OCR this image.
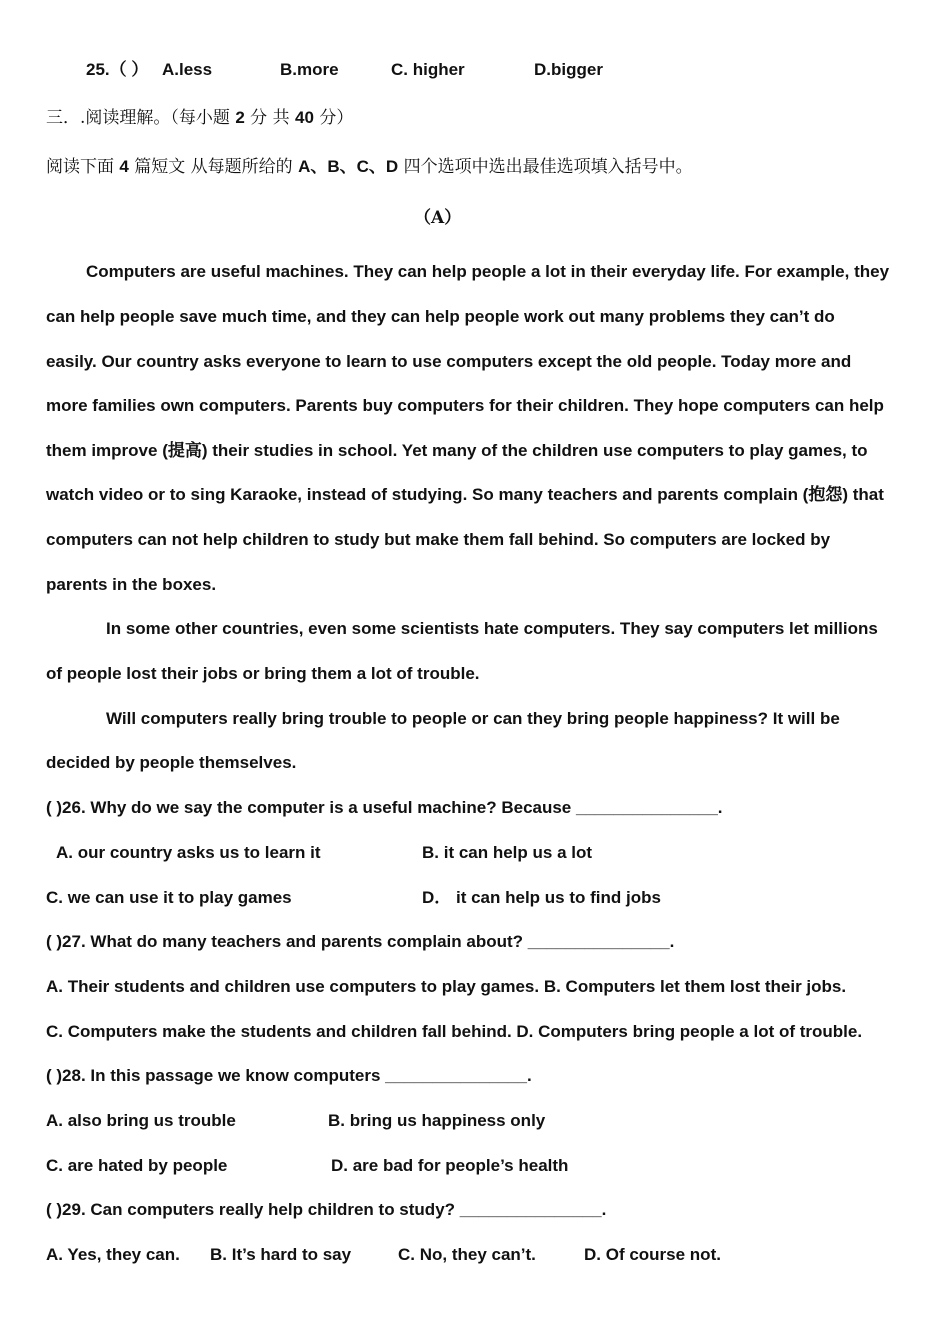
25.（ ） A.less	B.more	C. higher	D.bigger
三．.阅读理解。（每小题 2 分 共 40 分）
阅读下面 4 篇短文 从每题所给的 A、B、C、D 四个选项中选出最佳选项填入括号中。
（A）
Computers are useful machines. They can help people a lot in their everyday life. For example, they
can help people save much time, and they can help people work out many problems they can’t do
easily. Our country asks everyone to learn to use computers except the old people. Today more and
more families own computers. Parents buy computers for their children. They hope computers can help
them improve (提高) their studies in school. Yet many of the children use computers to play games, to
watch video or to sing Karaoke, instead of studying. So many teachers and parents complain (抱怨) that
computers can not help children to study but make them fall behind. So computers are locked by
parents in the boxes.
In some other countries, even some scientists hate computers. They say computers let millions
of people lost their jobs or bring them a lot of trouble.
Will computers really bring trouble to people or can they bring people happiness? It will be
decided by people themselves.
( )26. Why do we say the computer is a useful machine? Because _______________.
A. our country asks us to learn it	B. it can help us a lot
C. we can use it to play games	D． it can help us to find jobs
( )27. What do many teachers and parents complain about? _______________.
A. Their students and children use computers to play games. B. Computers let them lost their jobs.
C. Computers make the students and children fall behind. D. Computers bring people a lot of trouble.
( )28. In this passage we know computers _______________.
A. also bring us trouble	B. bring us happiness only
C. are hated by people	D. are bad for people’s health
( )29. Can computers really help children to study? _______________.
A. Yes, they can. B. It’s hard to say	C. No, they can’t.	D. Of course not.
